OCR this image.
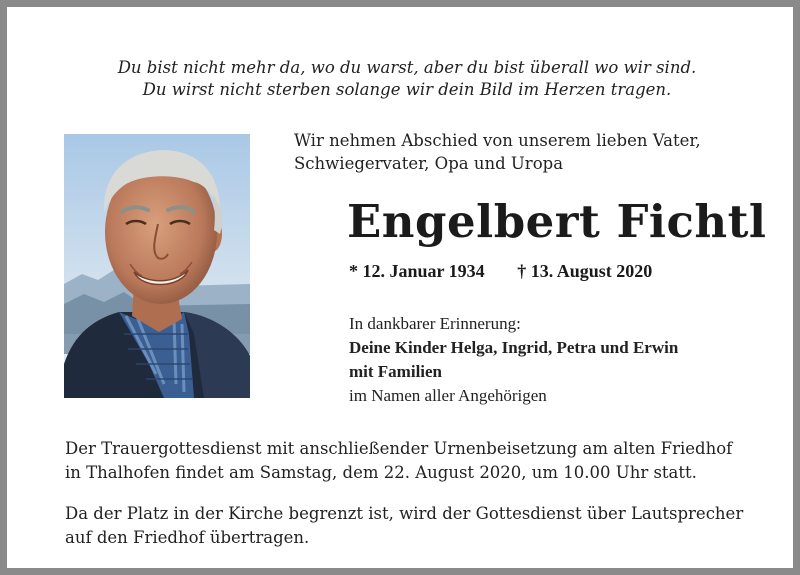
Du bist nicht mehr da, wo du warst, aber du bist überall wo wir sind.
Du wirst nicht sterben solange wir dein Bild im Herzen tragen.
Wir nehmen Abschied von unserem lieben Vater,
Schwiegervater, Opa und Uropa
Engelbert Fichtl
* 12. Januar 1934 † 13. August 2020
In dankbarer Erinnerung:
Deine Kinder Helga, Ingrid, Petra und Erwin
mit Familien
im Namen aller Angehörigen
Der Trauergottesdienst mit anschließender Urnenbeisetzung am alten Friedhof
in Thalhofen findet am Samstag, dem 22. August 2020, um 10.00 Uhr statt.
Da der Platz in der Kirche begrenzt ist, wird der Gottesdienst über Lautsprecher
auf den Friedhof übertragen.
